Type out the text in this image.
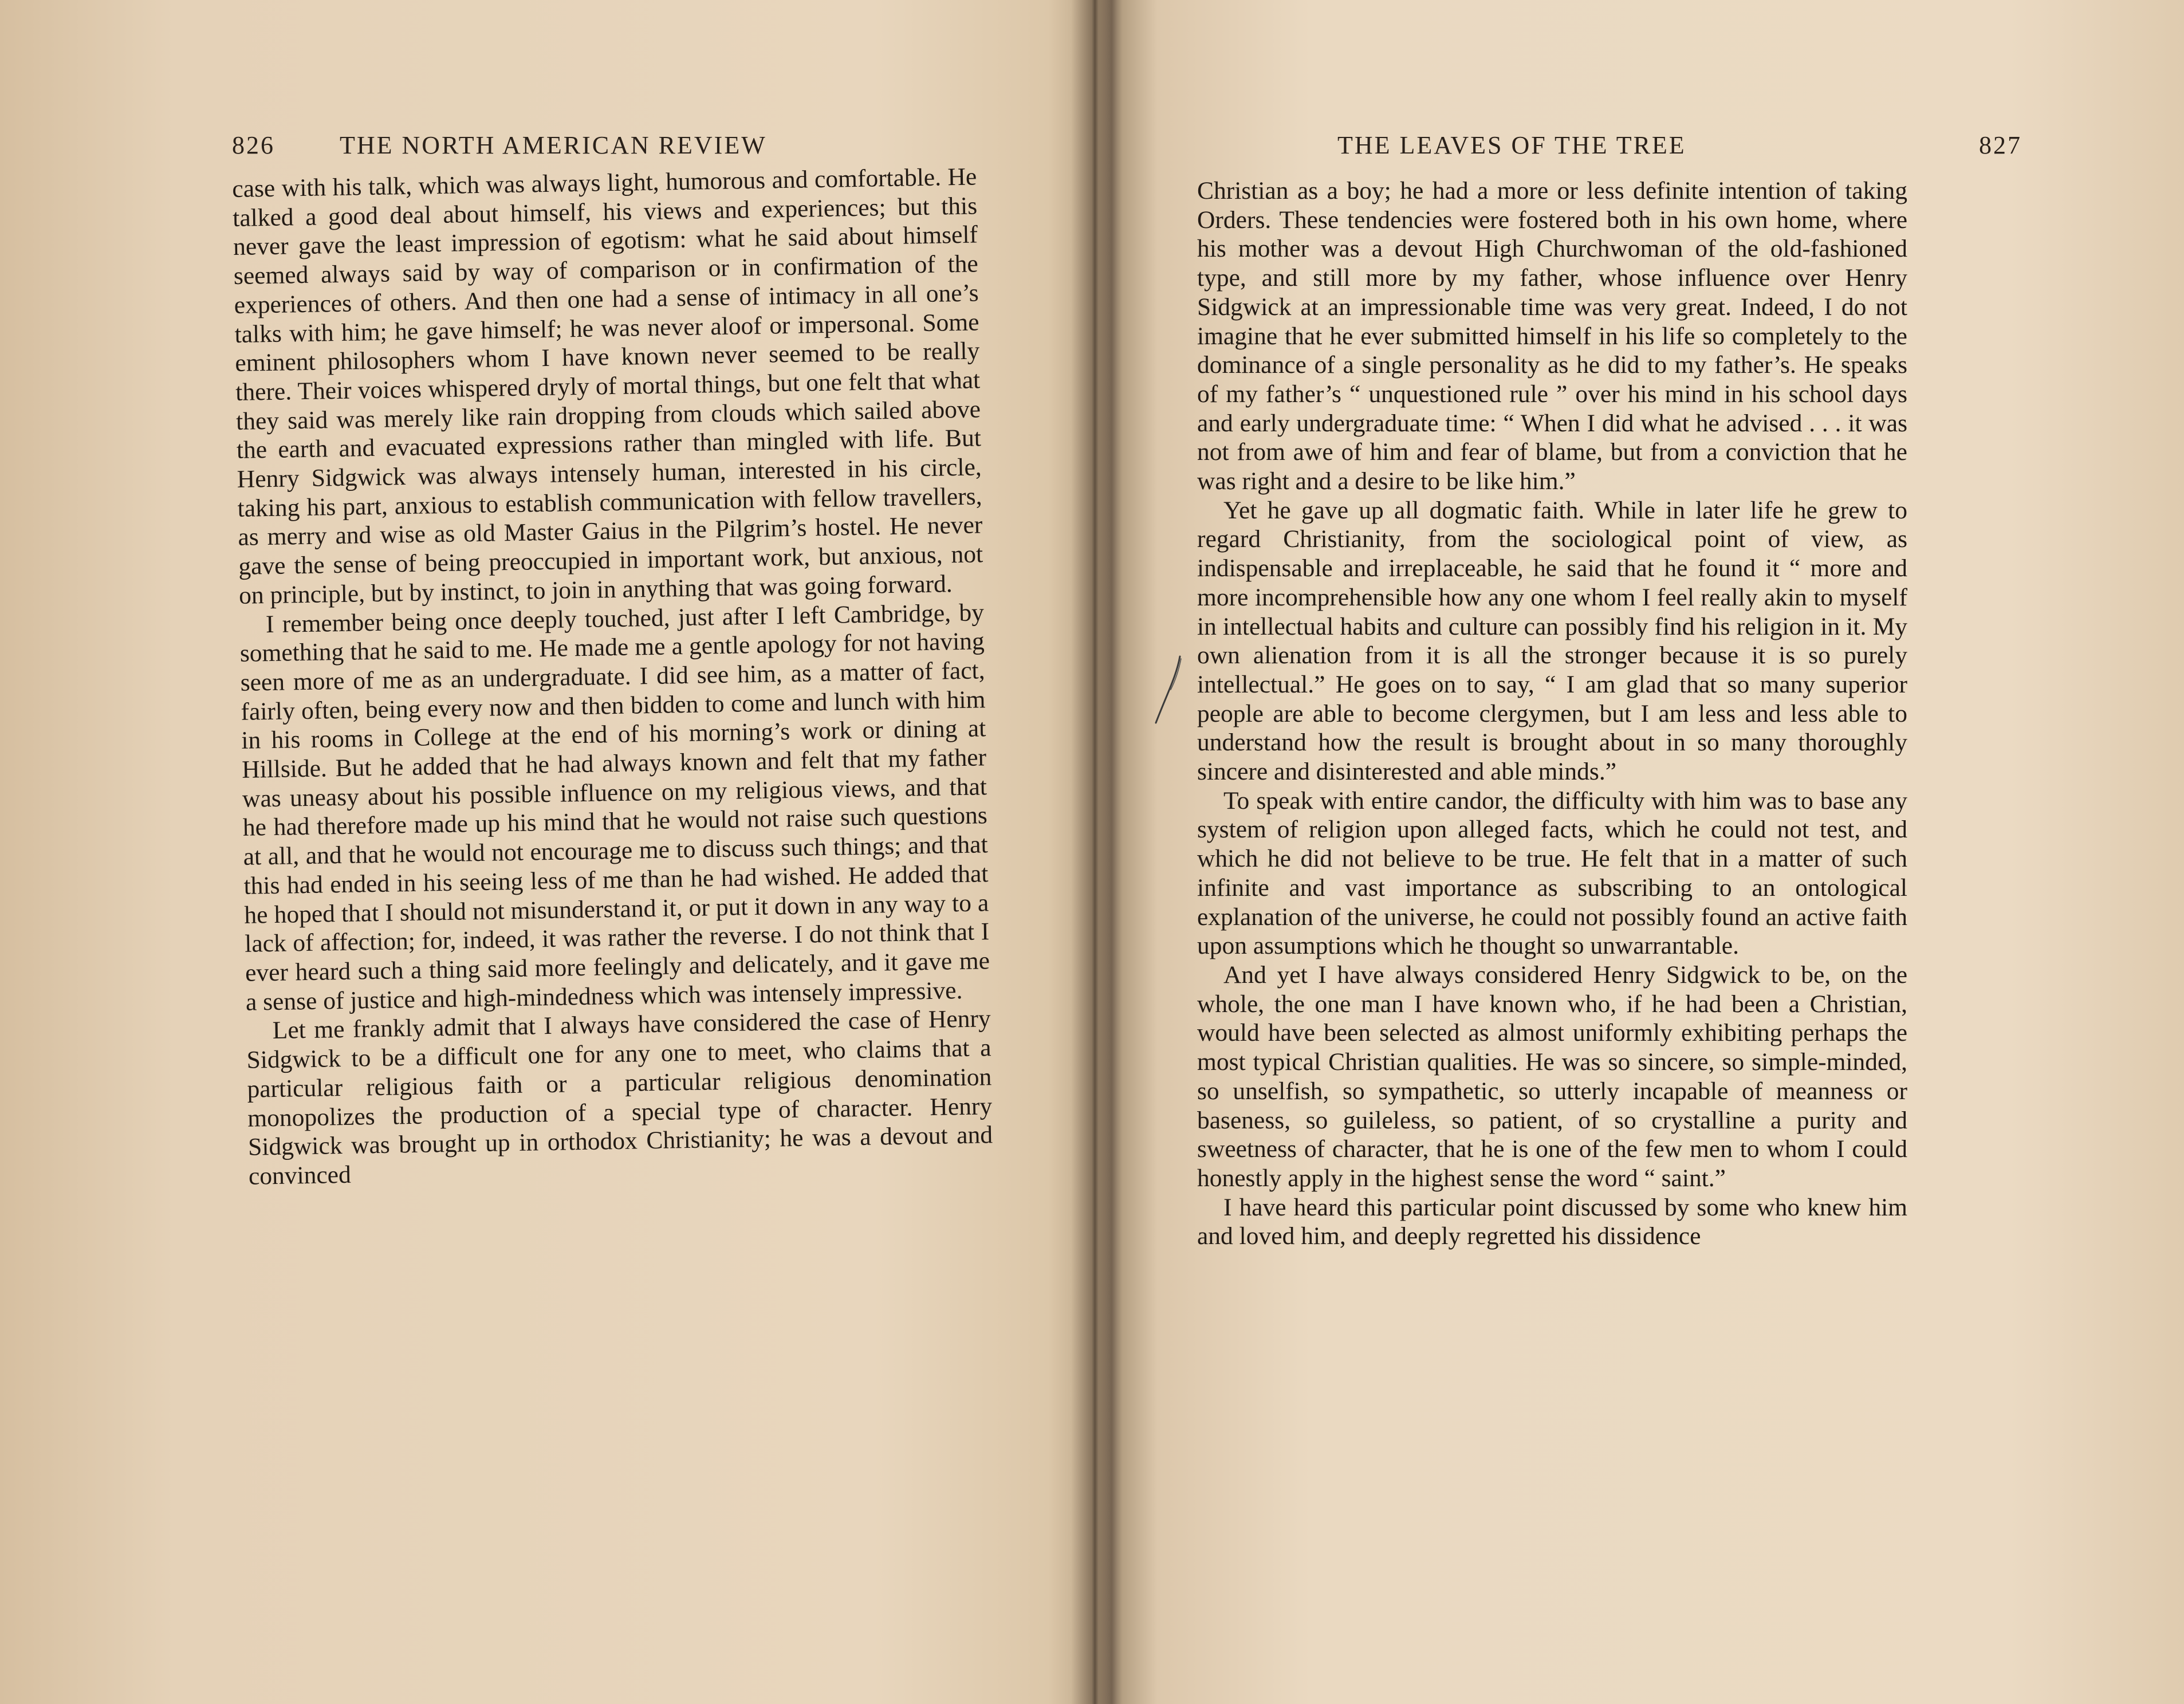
826	THE NORTH AMERICAN REVIEW

case with his talk, which was always light, humorous and comfortable. He talked a good deal about himself, his views and experiences; but this never gave the least impression of egotism: what he said about himself seemed always said by way of comparison or in confirmation of the experiences of others. And then one had a sense of intimacy in all one’s talks with him; he gave himself; he was never aloof or impersonal. Some eminent philosophers whom I have known never seemed to be really there. Their voices whispered dryly of mortal things, but one felt that what they said was merely like rain dropping from clouds which sailed above the earth and evacuated expressions rather than mingled with life. But Henry Sidgwick was always intensely human, interested in his circle, taking his part, anxious to establish communication with fellow travellers, as merry and wise as old Master Gaius in the Pilgrim’s hostel. He never gave the sense of being preoccupied in important work, but anxious, not on principle, but by instinct, to join in anything that was going forward.

I remember being once deeply touched, just after I left Cambridge, by something that he said to me. He made me a gentle apology for not having seen more of me as an undergraduate. I did see him, as a matter of fact, fairly often, being every now and then bidden to come and lunch with him in his rooms in College at the end of his morning’s work or dining at Hillside. But he added that he had always known and felt that my father was uneasy about his possible influence on my religious views, and that he had therefore made up his mind that he would not raise such questions at all, and that he would not encourage me to discuss such things; and that this had ended in his seeing less of me than he had wished. He added that he hoped that I should not misunderstand it, or put it down in any way to a lack of affection; for, indeed, it was rather the reverse. I do not think that I ever heard such a thing said more feelingly and delicately, and it gave me a sense of justice and high-mindedness which was intensely impressive.

Let me frankly admit that I always have considered the case of Henry Sidgwick to be a difficult one for any one to meet, who claims that a particular religious faith or a particular religious denomination monopolizes the production of a special type of character. Henry Sidgwick was brought up in orthodox Christianity; he was a devout and convinced

THE LEAVES OF THE TREE	827

Christian as a boy; he had a more or less definite intention of taking Orders. These tendencies were fostered both in his own home, where his mother was a devout High Churchwoman of the old-fashioned type, and still more by my father, whose influence over Henry Sidgwick at an impressionable time was very great. Indeed, I do not imagine that he ever submitted himself in his life so completely to the dominance of a single personality as he did to my father’s. He speaks of my father’s “ unquestioned rule ” over his mind in his school days and early undergraduate time: “ When I did what he advised . . . it was not from awe of him and fear of blame, but from a conviction that he was right and a desire to be like him.”

Yet he gave up all dogmatic faith. While in later life he grew to regard Christianity, from the sociological point of view, as indispensable and irreplaceable, he said that he found it “ more and more incomprehensible how any one whom I feel really akin to myself in intellectual habits and culture can possibly find his religion in it. My own alienation from it is all the stronger because it is so purely intellectual.” He goes on to say, “ I am glad that so many superior people are able to become clergymen, but I am less and less able to understand how the result is brought about in so many thoroughly sincere and disinterested and able minds.”

To speak with entire candor, the difficulty with him was to base any system of religion upon alleged facts, which he could not test, and which he did not believe to be true. He felt that in a matter of such infinite and vast importance as subscribing to an ontological explanation of the universe, he could not possibly found an active faith upon assumptions which he thought so unwarrantable.

And yet I have always considered Henry Sidgwick to be, on the whole, the one man I have known who, if he had been a Christian, would have been selected as almost uniformly exhibiting perhaps the most typical Christian qualities. He was so sincere, so simple-minded, so unselfish, so sympathetic, so utterly incapable of meanness or baseness, so guileless, so patient, of so crystalline a purity and sweetness of character, that he is one of the few men to whom I could honestly apply in the highest sense the word “ saint.”

I have heard this particular point discussed by some who knew him and loved him, and deeply regretted his dissidence
